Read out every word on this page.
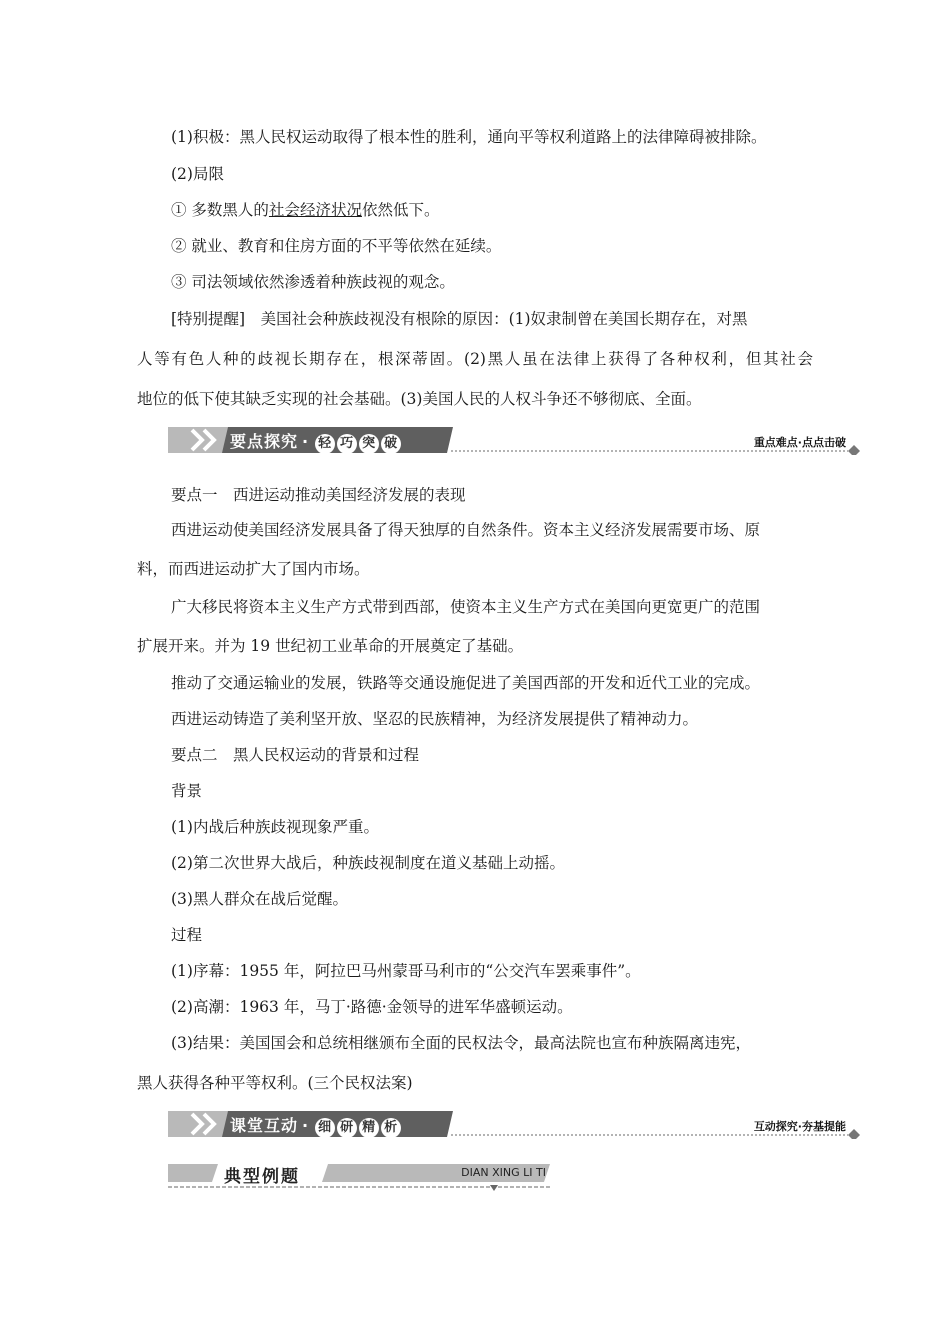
(1)积极：黑人民权运动取得了根本性的胜利，通向平等权利道路上的法律障碍被排除。

(2)局限

① 多数黑人的社会经济状况依然低下。

② 就业、教育和住房方面的不平等依然在延续。

③ 司法领域依然渗透着种族歧视的观念。

[特别提醒]　美国社会种族歧视没有根除的原因：(1)奴隶制曾在美国长期存在，对黑

人等有色人种的歧视长期存在，根深蒂固。(2)黑人虽在法律上获得了各种权利，但其社会

地位的低下使其缺乏实现的社会基础。(3)美国人民的人权斗争还不够彻底、全面。

要点探究 · 轻 巧 突 破	重点难点·点点击破

要点一　西进运动推动美国经济发展的表现

西进运动使美国经济发展具备了得天独厚的自然条件。资本主义经济发展需要市场、原

料，而西进运动扩大了国内市场。

广大移民将资本主义生产方式带到西部，使资本主义生产方式在美国向更宽更广的范围

扩展开来。并为 19 世纪初工业革命的开展奠定了基础。

推动了交通运输业的发展，铁路等交通设施促进了美国西部的开发和近代工业的完成。

西进运动铸造了美利坚开放、坚忍的民族精神，为经济发展提供了精神动力。

要点二　黑人民权运动的背景和过程

背景

(1)内战后种族歧视现象严重。

(2)第二次世界大战后，种族歧视制度在道义基础上动摇。

(3)黑人群众在战后觉醒。

过程

(1)序幕：1955 年，阿拉巴马州蒙哥马利市的“公交汽车罢乘事件”。

(2)高潮：1963 年，马丁·路德·金领导的进军华盛顿运动。

(3)结果：美国国会和总统相继颁布全面的民权法令，最高法院也宣布种族隔离违宪，

黑人获得各种平等权利。(三个民权法案)

课堂互动 · 细 研 精 析	互动探究·夯基提能
典型例题	DIAN XING LI TI
